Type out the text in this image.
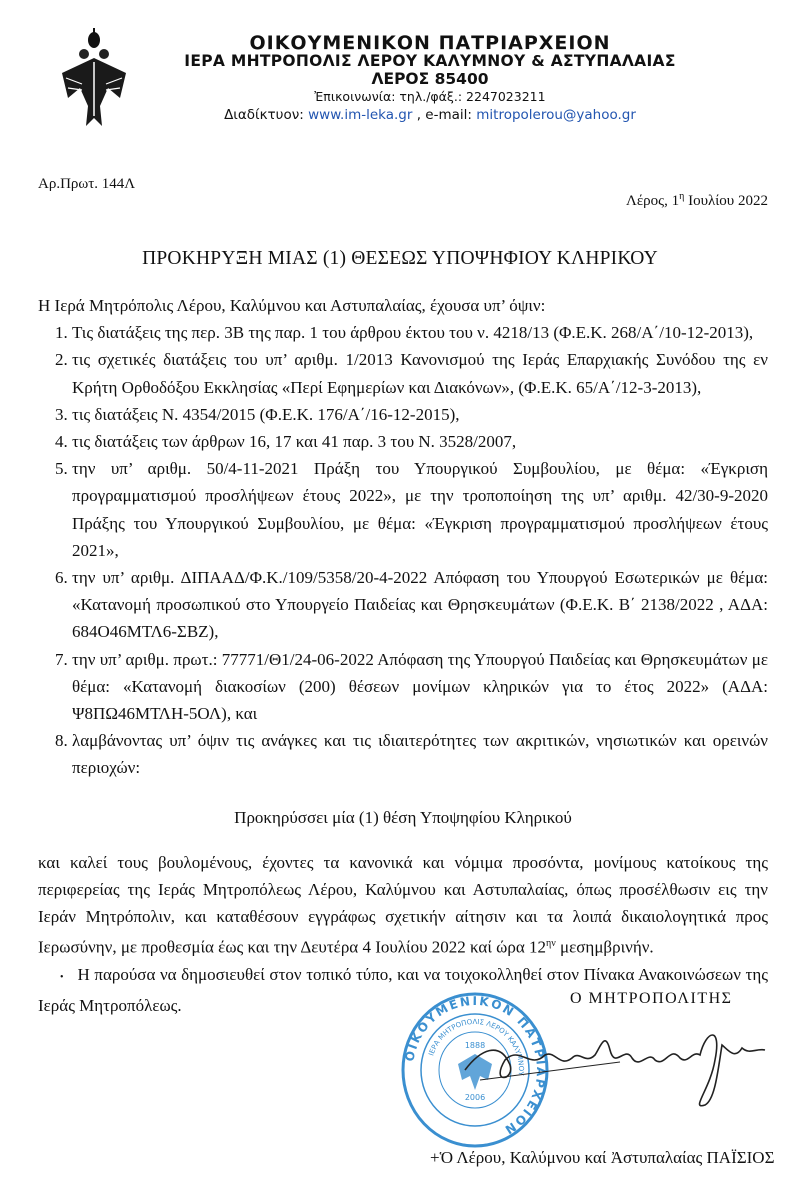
ΟΙΚΟΥΜΕΝΙΚΟΝ ΠΑΤΡΙΑΡΧΕΙΟΝ
ΙΕΡΑ ΜΗΤΡΟΠΟΛΙΣ ΛΕΡΟΥ ΚΑΛΥΜΝΟΥ & ΑΣΤΥΠΑΛΑΙΑΣ
ΛΕΡΟΣ 85400
Ἐπικοινωνία: τηλ./φάξ.: 2247023211
Διαδίκτυον: www.im-leka.gr , e-mail: mitropolerou@yahoo.gr
Αρ.Πρωτ. 144Λ
Λέρος, $1^\eta$ Ιουλίου 2022
ΠΡΟΚΗΡΥΞΗ ΜΙΑΣ (1) ΘΕΣΕΩΣ ΥΠΟΨΗΦΙΟΥ ΚΛΗΡΙΚΟΥ

Η Ιερά Μητρόπολις Λέρου, Καλύμνου και Αστυπαλαίας, έχουσα υπ’ όψιν:

1. Τις διατάξεις της περ. 3Β της παρ. 1 του άρθρου έκτου του ν. 4218/13 (Φ.Ε.Κ. 268/Α΄/10-12-2013),
2. τις σχετικές διατάξεις του υπ’ αριθμ. 1/2013 Κανονισμού της Ιεράς Επαρχιακής Συνόδου της εν Κρήτη Ορθοδόξου Εκκλησίας «Περί Εφημερίων και Διακόνων», (Φ.Ε.Κ. 65/Α΄/12-3-2013),
3. τις διατάξεις Ν. 4354/2015 (Φ.Ε.Κ. 176/Α΄/16-12-2015),
4. τις διατάξεις των άρθρων 16, 17 και 41 παρ. 3 του Ν. 3528/2007,
5. την υπ’ αριθμ. 50/4-11-2021 Πράξη του Υπουργικού Συμβουλίου, με θέμα: «Έγκριση προγραμματισμού προσλήψεων έτους 2022», με την τροποποίηση της υπ’ αριθμ. 42/30-9-2020 Πράξης του Υπουργικού Συμβουλίου, με θέμα: «Έγκριση προγραμματισμού προσλήψεων έτους 2021»,
6. την υπ’ αριθμ. ΔΙΠΑΑΔ/Φ.Κ./109/5358/20-4-2022 Απόφαση του Υπουργού Εσωτερικών με θέμα: «Κατανομή προσωπικού στο Υπουργείο Παιδείας και Θρησκευμάτων (Φ.Ε.Κ. Β΄ 2138/2022 , ΑΔΑ: 684Ο46ΜΤΛ6-ΣΒΖ),
7. την υπ’ αριθμ. πρωτ.: 77771/Θ1/24-06-2022 Απόφαση της Υπουργού Παιδείας και Θρησκευμάτων με θέμα: «Κατανομή διακοσίων (200) θέσεων μονίμων κληρικών για το έτος 2022» (ΑΔΑ: Ψ8ΠΩ46ΜΤΛΗ-5ΟΛ), και
8. λαμβάνοντας υπ’ όψιν τις ανάγκες και τις ιδιαιτερότητες των ακριτικών, νησιωτικών και ορεινών περιοχών:

Προκηρύσσει μία (1) θέση Υποψηφίου Κληρικού

και καλεί τους βουλομένους, έχοντες τα κανονικά και νόμιμα προσόντα, μονίμους κατοίκους της περιφερείας της Ιεράς Μητροπόλεως Λέρου, Καλύμνου και Αστυπαλαίας, όπως προσέλθωσιν εις την Ιεράν Μητρόπολιν, και καταθέσουν εγγράφως σχετικήν αίτησιν και τα λοιπά δικαιολογητικά προς Ιερωσύνην, με προθεσμία έως και την Δευτέρα 4 Ιουλίου 2022 καί ώρα $12^{\eta\nu}$ μεσημβρινήν.

• Η παρούσα να δημοσιευθεί στον τοπικό τύπο, και να τοιχοκολληθεί στον Πίνακα Ανακοινώσεων της Ιεράς Μητροπόλεως.	Ο ΜΗΤΡΟΠΟΛΙΤΗΣ
ΟΙΚΟΥΜΕΝΙΚΟΝ ΠΑΤΡΙΑΡΧΕΙΟΝ
ΙΕΡΑ ΜΗΤΡΟΠΟΛΙΣ ΛΕΡΟΥ ΚΑΛΥΜΝΟΥ
1888
2006
+Ὁ Λέρου, Καλύμνου καί Ἀστυπαλαίας ΠΑΪΣΙΟΣ
